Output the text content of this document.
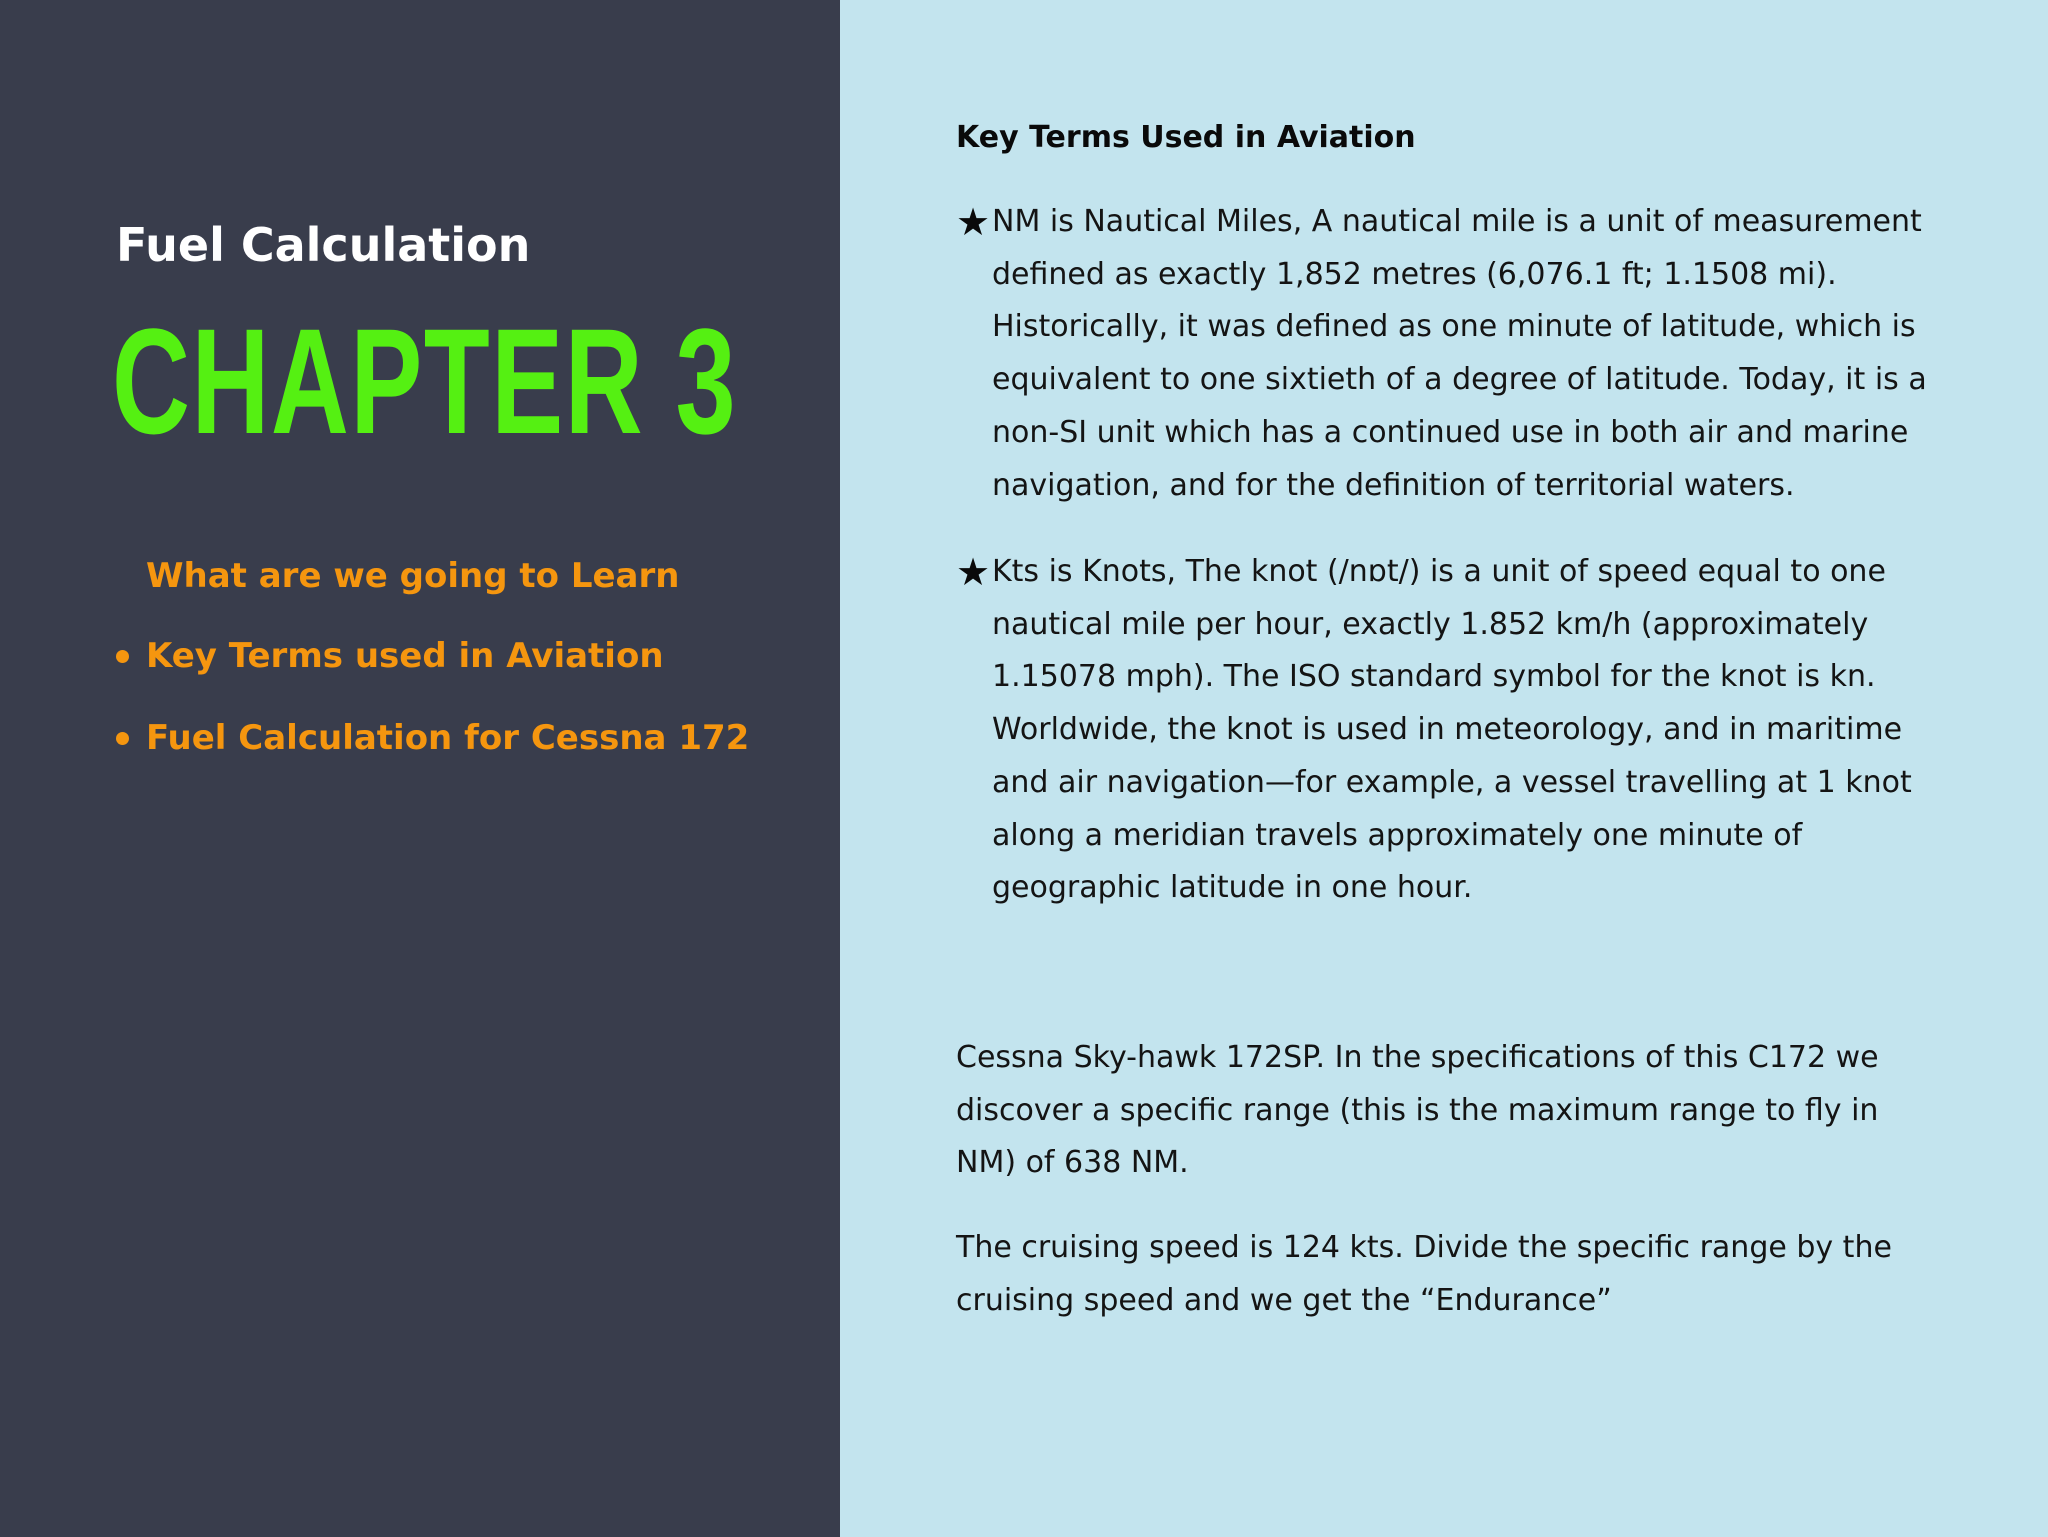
Fuel Calculation
CHAPTER 3

What are we going to Learn

Key Terms used in Aviation
Fuel Calculation for Cessna 172
Key Terms Used in Aviation
★ NM is Nautical Miles, A nautical mile is a unit of measurement defined as exactly 1,852 metres (6,076.1 ft; 1.1508 mi). Historically, it was defined as one minute of latitude, which is equivalent to one sixtieth of a degree of latitude. Today, it is a non-SI unit which has a continued use in both air and marine navigation, and for the definition of territorial waters.

★ Kts is Knots, The knot (/nɒt/) is a unit of speed equal to one nautical mile per hour, exactly 1.852 km/h (approximately 1.15078 mph). The ISO standard symbol for the knot is kn. Worldwide, the knot is used in meteorology, and in maritime and air navigation—for example, a vessel travelling at 1 knot along a meridian travels approximately one minute of geographic latitude in one hour.

Cessna Sky-hawk 172SP. In the specifications of this C172 we discover a specific range (this is the maximum range to fly in NM) of 638 NM.

The cruising speed is 124 kts. Divide the specific range by the cruising speed and we get the “Endurance”
